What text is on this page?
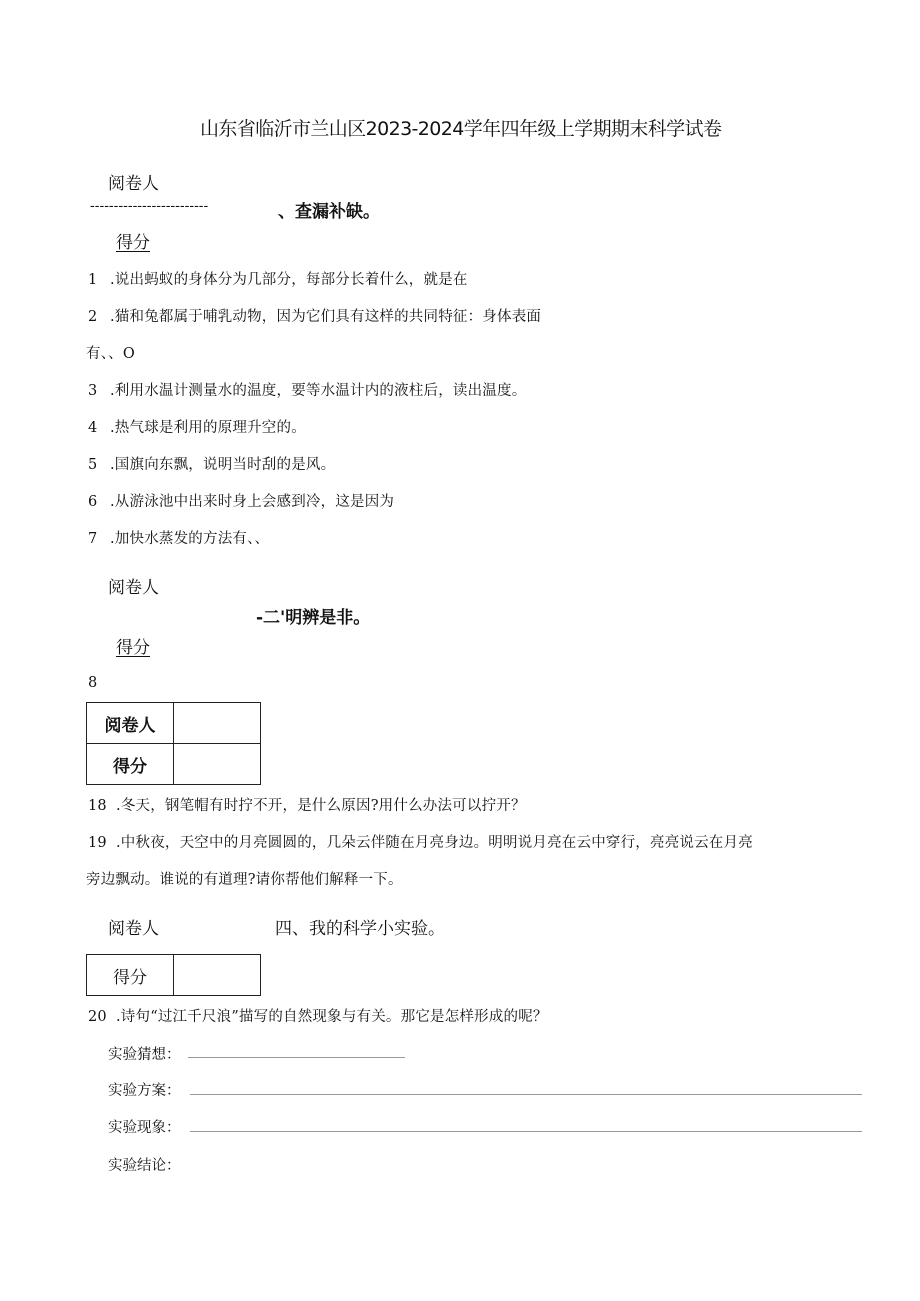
山东省临沂市兰山区2023-2024学年四年级上学期期末科学试卷
阅卷人
-------------------------	、查漏补缺。
得分
1 .说出蚂蚁的身体分为几部分，每部分长着什么，就是在
2 .猫和兔都属于哺乳动物，因为它们具有这样的共同特征：身体表面
有、、O
3 .利用水温计测量水的温度，要等水温计内的液柱后，读出温度。
4 .热气球是利用的原理升空的。
5 .国旗向东飘，说明当时刮的是风。
6 .从游泳池中出来时身上会感到冷，这是因为
7 .加快水蒸发的方法有、、
阅卷人
-二'明辨是非。
得分
8
阅卷人	
得分	
18 .冬天，钢笔帽有时拧不开，是什么原因?用什么办法可以拧开？
19 .中秋夜，天空中的月亮圆圆的，几朵云伴随在月亮身边。明明说月亮在云中穿行，亮亮说云在月亮
旁边飘动。谁说的有道理?请你帮他们解释一下。
阅卷人	四、我的科学小实验。
得分	
20 .诗句“过江千尺浪”描写的自然现象与有关。那它是怎样形成的呢？
实验猜想：
实验方案：
实验现象：
实验结论：
